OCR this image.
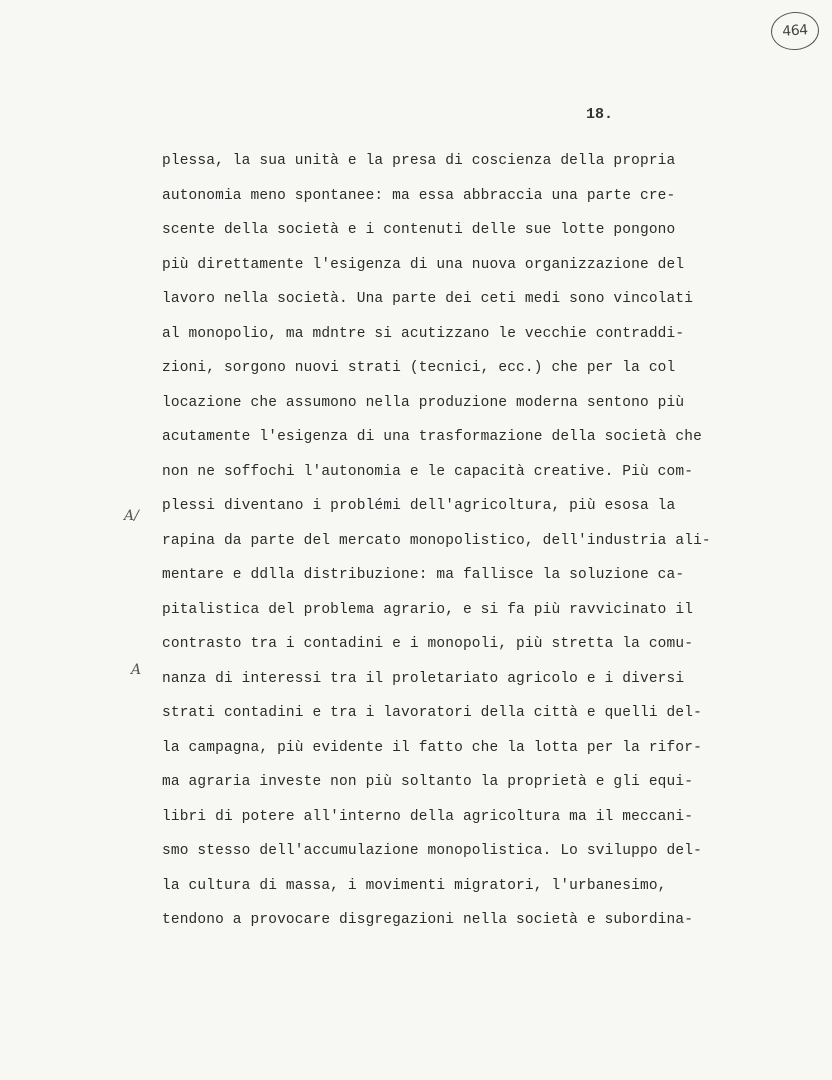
464
18.
A/
A
plessa, la sua unità e la presa di coscienza della propria
autonomia meno spontanee: ma essa abbraccia una parte cre-
scente della società e i contenuti delle sue lotte pongono
più direttamente l'esigenza di una nuova organizzazione del
lavoro nella società. Una parte dei ceti medi sono vincolati
al monopolio, ma mdntre si acutizzano le vecchie contraddi-
zioni, sorgono nuovi strati (tecnici, ecc.) che per la col
locazione che assumono nella produzione moderna sentono più
acutamente l'esigenza di una trasformazione della società che
non ne soffochi l'autonomia e le capacità creative. Più com-
plessi diventano i problémi dell'agricoltura, più esosa la
rapina da parte del mercato monopolistico, dell'industria ali-
mentare e ddlla distribuzione: ma fallisce la soluzione ca-
pitalistica del problema agrario, e si fa più ravvicinato il
contrasto tra i contadini e i monopoli, più stretta la comu-
nanza di interessi tra il proletariato agricolo e i diversi
strati contadini e tra i lavoratori della città e quelli del-
la campagna, più evidente il fatto che la lotta per la rifor-
ma agraria investe non più soltanto la proprietà e gli equi-
libri di potere all'interno della agricoltura ma il meccani-
smo stesso dell'accumulazione monopolistica. Lo sviluppo del-
la cultura di massa, i movimenti migratori, l'urbanesimo,
tendono a provocare disgregazioni nella società e subordina-
